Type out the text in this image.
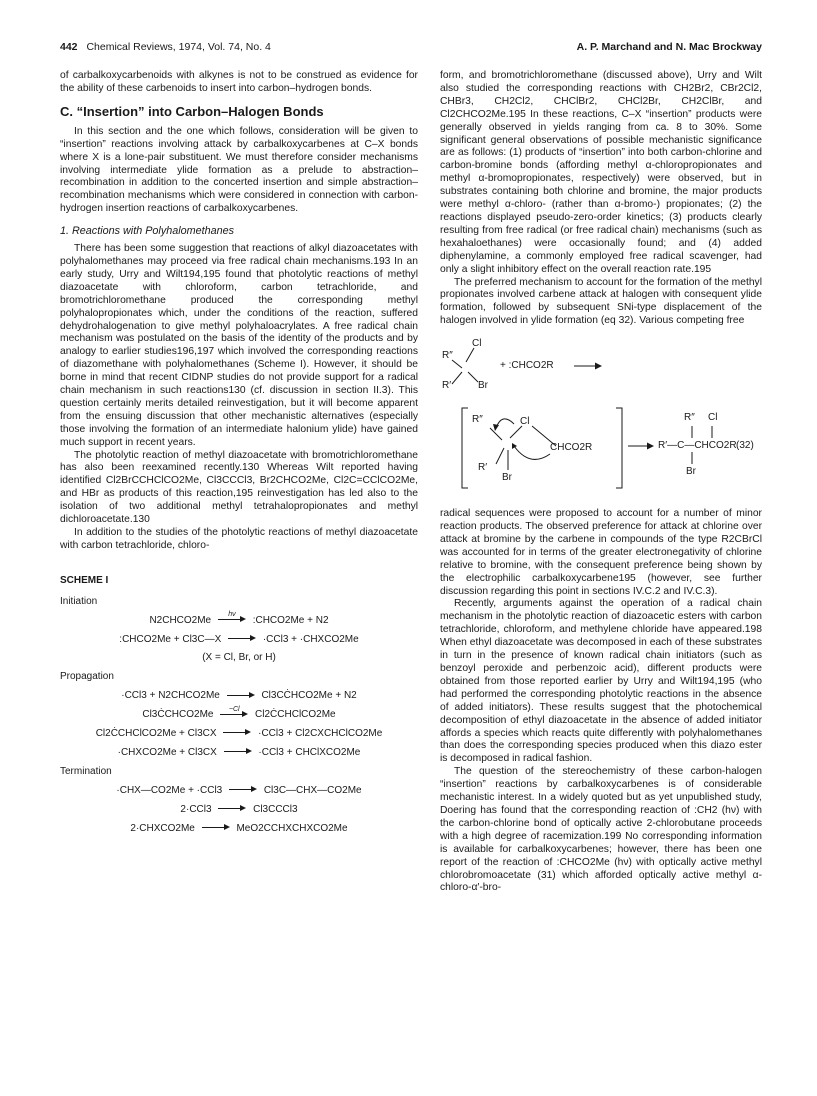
442 Chemical Reviews, 1974, Vol. 74, No. 4	A. P. Marchand and N. Mac Brockway

of carbalkoxycarbenoids with alkynes is not to be construed as evidence for the ability of these carbenoids to insert into carbon–hydrogen bonds.

C. “Insertion” into Carbon–Halogen Bonds

In this section and the one which follows, consideration will be given to “insertion” reactions involving attack by carbalkoxycarbenes at C–X bonds where X is a lone-pair substituent. We must therefore consider mechanisms involving intermediate ylide formation as a prelude to abstraction–recombination in addition to the concerted insertion and simple abstraction–recombination mechanisms which were considered in connection with carbon-hydrogen insertion reactions of carbalkoxycarbenes.

1. Reactions with Polyhalomethanes

There has been some suggestion that reactions of alkyl diazoacetates with polyhalomethanes may proceed via free radical chain mechanisms.193 In an early study, Urry and Wilt194,195 found that photolytic reactions of methyl diazoacetate with chloroform, carbon tetrachloride, and bromotrichloromethane produced the corresponding methyl polyhalopropionates which, under the conditions of the reaction, suffered dehydrohalogenation to give methyl polyhaloacrylates. A free radical chain mechanism was postulated on the basis of the identity of the products and by analogy to earlier studies196,197 which involved the corresponding reactions of diazomethane with polyhalomethanes (Scheme I). However, it should be borne in mind that recent CIDNP studies do not provide support for a radical chain mechanism in such reactions130 (cf. discussion in section II.3). This question certainly merits detailed reinvestigation, but it will become apparent from the ensuing discussion that other mechanistic alternatives (especially those involving the formation of an intermediate halonium ylide) have gained much support in recent years.

The photolytic reaction of methyl diazoacetate with bromotrichloromethane has also been reexamined recently.130 Whereas Wilt reported having identified Cl2BrCCHClCO2Me, Cl3CCCl3, Br2CHCO2Me, Cl2C=CClCO2Me, and HBr as products of this reaction,195 reinvestigation has led also to the isolation of two additional methyl tetrahalopropionates and methyl dichloroacetate.130

In addition to the studies of the photolytic reactions of methyl diazoacetate with carbon tetrachloride, chloro-

SCHEME I
Initiation
N2CHCO2Me
hν
:CHCO2Me + N2
:CHCO2Me + Cl3C—X	·CCl3 + ·CHXCO2Me
(X = Cl, Br, or H)
Propagation
·CCl3 + N2CHCO2Me	Cl3CĊHCO2Me + N2
Cl3ĊCHCO2Me
~Cl
Cl2ĊCHClCO2Me
Cl2ĊCHClCO2Me + Cl3CX	·CCl3 + Cl2CXCHClCO2Me
·CHXCO2Me + Cl3CX	·CCl3 + CHClXCO2Me
Termination
·CHX—CO2Me + ·CCl3	Cl3C—CHX—CO2Me
2·CCl3	Cl3CCCl3
2·CHXCO2Me	MeO2CCHXCHXCO2Me

form, and bromotrichloromethane (discussed above), Urry and Wilt also studied the corresponding reactions with CH2Br2, CBr2Cl2, CHBr3, CH2Cl2, CHClBr2, CHCl2Br, CH2ClBr, and Cl2CHCO2Me.195 In these reactions, C–X “insertion” products were generally observed in yields ranging from ca. 8 to 30%. Some significant general observations of possible mechanistic significance are as follows: (1) products of “insertion” into both carbon-chlorine and carbon-bromine bonds (affording methyl α-chloropropionates and methyl α-bromopropionates, respectively) were observed, but in substrates containing both chlorine and bromine, the major products were methyl α-chloro- (rather than α-bromo-) propionates; (2) the reactions displayed pseudo-zero-order kinetics; (3) products clearly resulting from free radical (or free radical chain) mechanisms (such as hexahaloethanes) were occasionally found; and (4) added diphenylamine, a commonly employed free radical scavenger, had only a slight inhibitory effect on the overall reaction rate.195

The preferred mechanism to account for the formation of the methyl propionates involved carbene attack at halogen with consequent ylide formation, followed by subsequent SNi-type displacement of the halogen involved in ylide formation (eq 32). Various competing free

R″
Cl
R′	Br
+ :CHCO2R
R″	Cl
CHCO2R
R′
Br
R″ Cl
R′—C—CHCO2R
Br
(32)

radical sequences were proposed to account for a number of minor reaction products. The observed preference for attack at chlorine over attack at bromine by the carbene in compounds of the type R2CBrCl was accounted for in terms of the greater electronegativity of chlorine relative to bromine, with the consequent preference being shown by the electrophilic carbalkoxycarbene195 (however, see further discussion regarding this point in sections IV.C.2 and IV.C.3).

Recently, arguments against the operation of a radical chain mechanism in the photolytic reaction of diazoacetic esters with carbon tetrachloride, chloroform, and methylene chloride have appeared.198 When ethyl diazoacetate was decomposed in each of these substrates in turn in the presence of known radical chain initiators (such as benzoyl peroxide and perbenzoic acid), different products were obtained from those reported earlier by Urry and Wilt194,195 (who had performed the corresponding photolytic reactions in the absence of added initiators). These results suggest that the photochemical decomposition of ethyl diazoacetate in the absence of added initiator affords a species which reacts quite differently with polyhalomethanes than does the corresponding species produced when this diazo ester is decomposed in radical fashion.

The question of the stereochemistry of these carbon-halogen “insertion” reactions by carbalkoxycarbenes is of considerable mechanistic interest. In a widely quoted but as yet unpublished study, Doering has found that the corresponding reaction of :CH2 (hν) with the carbon-chlorine bond of optically active 2-chlorobutane proceeds with a high degree of racemization.199 No corresponding information is available for carbalkoxycarbenes; however, there has been one report of the reaction of :CHCO2Me (hν) with optically active methyl chlorobromoacetate (31) which afforded optically active methyl α-chloro-α′-bro-
